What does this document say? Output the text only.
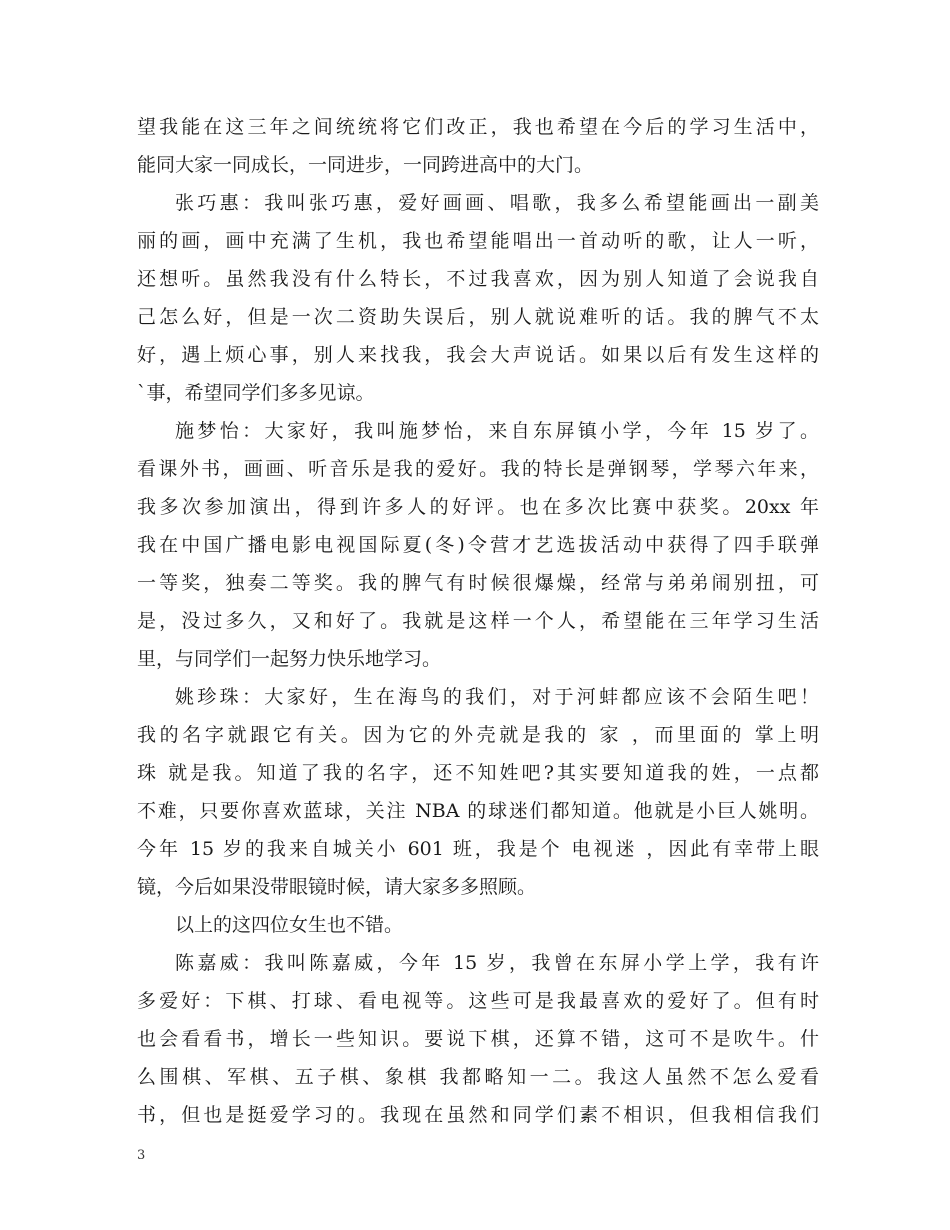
望我能在这三年之间统统将它们改正，我也希望在今后的学习生活中，
能同大家一同成长，一同进步，一同跨进高中的大门。
张巧惠：我叫张巧惠，爱好画画、唱歌，我多么希望能画出一副美
丽的画，画中充满了生机，我也希望能唱出一首动听的歌，让人一听，
还想听。虽然我没有什么特长，不过我喜欢，因为别人知道了会说我自
己怎么好，但是一次二资助失误后，别人就说难听的话。我的脾气不太
好，遇上烦心事，别人来找我，我会大声说话。如果以后有发生这样的
`事，希望同学们多多见谅。
施梦怡：大家好，我叫施梦怡，来自东屏镇小学，今年 15 岁了。
看课外书，画画、听音乐是我的爱好。我的特长是弹钢琴，学琴六年来，
我多次参加演出，得到许多人的好评。也在多次比赛中获奖。20xx 年
我在中国广播电影电视国际夏(冬)令营才艺选拔活动中获得了四手联弹
一等奖，独奏二等奖。我的脾气有时候很爆燥，经常与弟弟闹别扭，可
是，没过多久，又和好了。我就是这样一个人，希望能在三年学习生活
里，与同学们一起努力快乐地学习。
姚珍珠：大家好，生在海鸟的我们，对于河蚌都应该不会陌生吧！
我的名字就跟它有关。因为它的外壳就是我的 家 ，而里面的 掌上明
珠 就是我。知道了我的名字，还不知姓吧?其实要知道我的姓，一点都
不难，只要你喜欢蓝球，关注 NBA 的球迷们都知道。他就是小巨人姚明。
今年 15 岁的我来自城关小 601 班，我是个 电视迷 ，因此有幸带上眼
镜，今后如果没带眼镜时候，请大家多多照顾。
以上的这四位女生也不错。
陈嘉威：我叫陈嘉威，今年 15 岁，我曾在东屏小学上学，我有许
多爱好：下棋、打球、看电视等。这些可是我最喜欢的爱好了。但有时
也会看看书，增长一些知识。要说下棋，还算不错，这可不是吹牛。什
么围棋、军棋、五子棋、象棋 我都略知一二。我这人虽然不怎么爱看
书，但也是挺爱学习的。我现在虽然和同学们素不相识，但我相信我们
3
